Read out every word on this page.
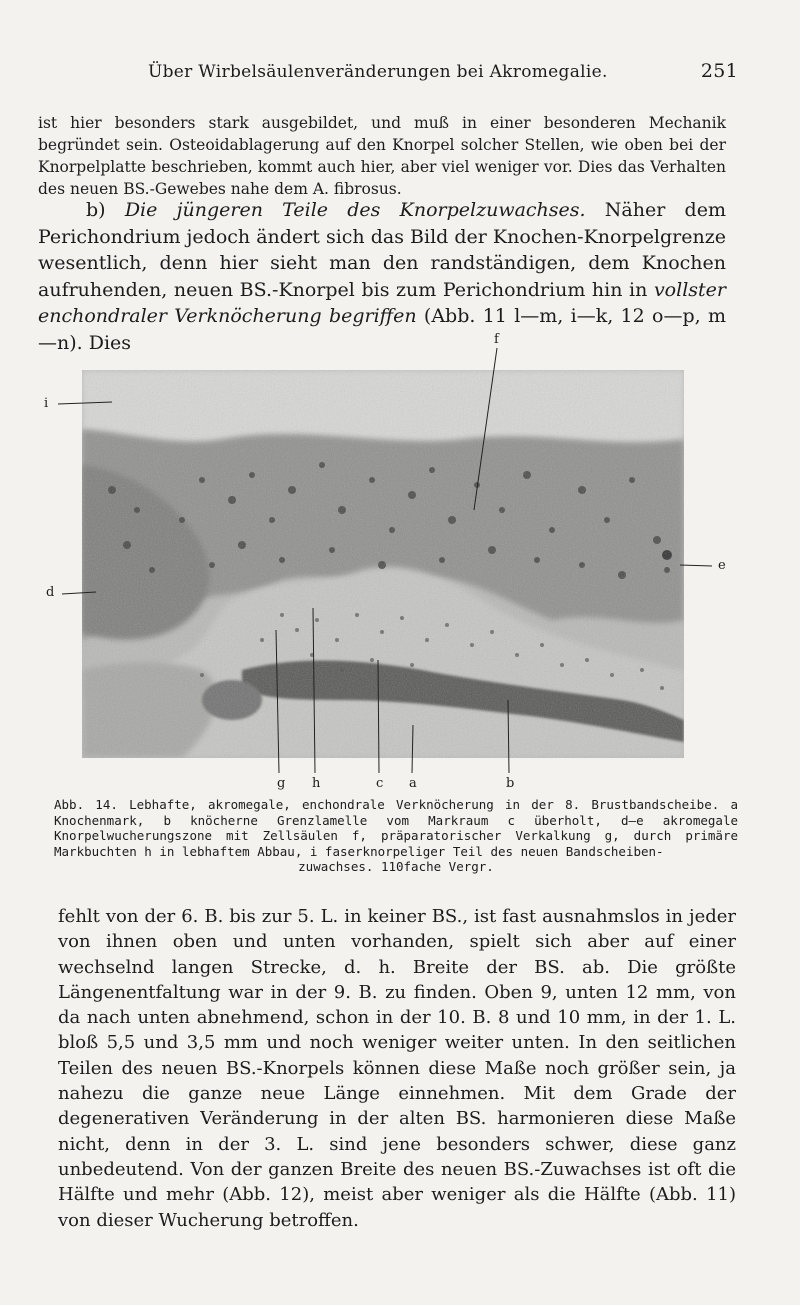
Über Wirbelsäulenveränderungen bei Akromegalie.	251

ist hier besonders stark ausgebildet, und muß in einer besonderen Mechanik begründet sein. Osteoidablagerung auf den Knorpel solcher Stellen, wie oben bei der Knorpelplatte beschrieben, kommt auch hier, aber viel weniger vor. Dies das Verhalten des neuen BS.-Gewebes nahe dem A. fibrosus.

b) Die jüngeren Teile des Knorpelzuwachses. Näher dem Perichondrium jedoch ändert sich das Bild der Knochen-Knorpelgrenze wesentlich, denn hier sieht man den randständigen, dem Knochen aufruhenden, neuen BS.-Knorpel bis zum Perichondrium hin in vollster enchondraler Verknöcherung begriffen (Abb. 11 l—m, i—k, 12 o—p, m—n). Dies	f
i
d
e
g h	c a	b

Abb. 14. Lebhafte, akromegale, enchondrale Verknöcherung in der 8. Brustbandscheibe. a Knochenmark, b knöcherne Grenzlamelle vom Markraum c überholt, d—e akromegale Knorpelwucherungszone mit Zellsäulen f, präparatorischer Verkalkung g, durch primäre Markbuchten h in lebhaftem Abbau, i faserknorpeliger Teil des neuen Bandscheiben-

zuwachses. 110fache Vergr.

fehlt von der 6. B. bis zur 5. L. in keiner BS., ist fast ausnahmslos in jeder von ihnen oben und unten vorhanden, spielt sich aber auf einer wechselnd langen Strecke, d. h. Breite der BS. ab. Die größte Längenentfaltung war in der 9. B. zu finden. Oben 9, unten 12 mm, von da nach unten abnehmend, schon in der 10. B. 8 und 10 mm, in der 1. L. bloß 5,5 und 3,5 mm und noch weniger weiter unten. In den seitlichen Teilen des neuen BS.-Knorpels können diese Maße noch größer sein, ja nahezu die ganze neue Länge einnehmen. Mit dem Grade der degenerativen Veränderung in der alten BS. harmonieren diese Maße nicht, denn in der 3. L. sind jene besonders schwer, diese ganz unbedeutend. Von der ganzen Breite des neuen BS.-Zuwachses ist oft die Hälfte und mehr (Abb. 12), meist aber weniger als die Hälfte (Abb. 11) von dieser Wucherung betroffen.
